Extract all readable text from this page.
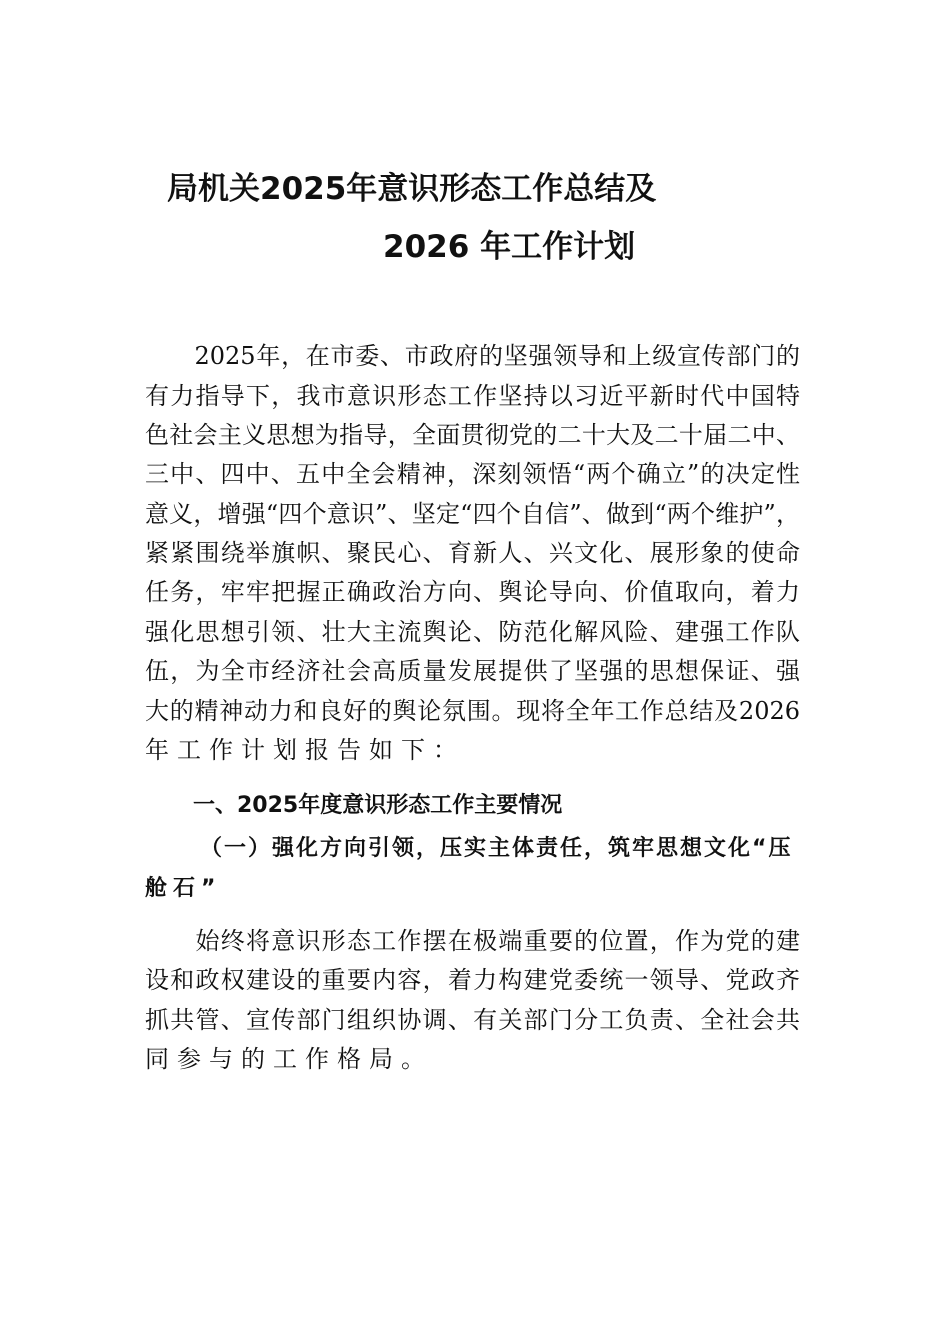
局机关2025年意识形态工作总结及
2026 年工作计划
　　2025年，在市委、市政府的坚强领导和上级宣传部门的
有力指导下，我市意识形态工作坚持以习近平新时代中国特
色社会主义思想为指导，全面贯彻党的二十大及二十届二中、
三中、四中、五中全会精神，深刻领悟“两个确立”的决定性
意义，增强“四个意识”、坚定“四个自信”、做到“两个维护”，
紧紧围绕举旗帜、聚民心、育新人、兴文化、展形象的使命
任务，牢牢把握正确政治方向、舆论导向、价值取向，着力
强化思想引领、壮大主流舆论、防范化解风险、建强工作队
伍，为全市经济社会高质量发展提供了坚强的思想保证、强
大的精神动力和良好的舆论氛围。现将全年工作总结及2026
年工作计划报告如下：
一、2025年度意识形态工作主要情况
（一）强化方向引领，压实主体责任，筑牢思想文化“压
舱石”
　　始终将意识形态工作摆在极端重要的位置，作为党的建
设和政权建设的重要内容，着力构建党委统一领导、党政齐
抓共管、宣传部门组织协调、有关部门分工负责、全社会共
同参与的工作格局。
